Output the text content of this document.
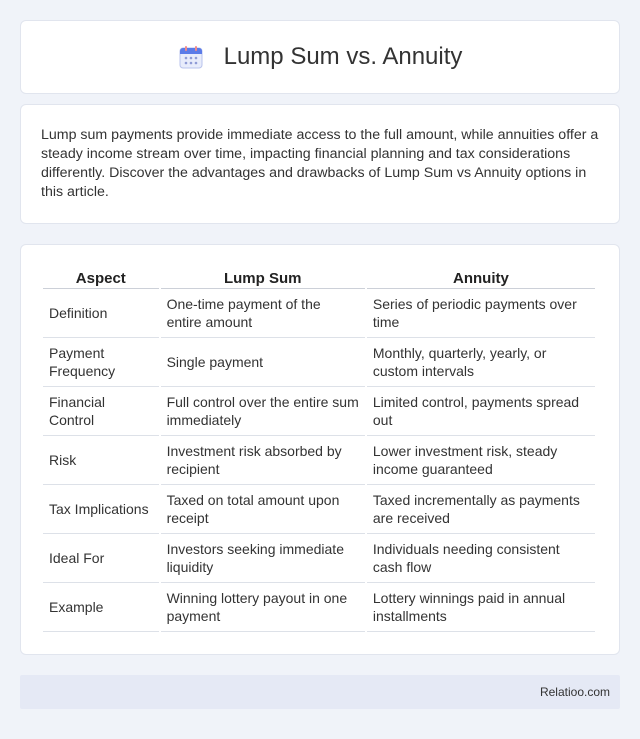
Lump Sum vs. Annuity

Lump sum payments provide immediate access to the full amount, while annuities offer a steady income stream over time, impacting financial planning and tax considerations differently. Discover the advantages and drawbacks of Lump Sum vs Annuity options in this article.

Aspect	Lump Sum	Annuity
Definition	One-time payment of the entire amount	Series of periodic payments over time
Payment Frequency	Single payment	Monthly, quarterly, yearly, or custom intervals
Financial Control	Full control over the entire sum immediately	Limited control, payments spread out
Risk	Investment risk absorbed by recipient	Lower investment risk, steady income guaranteed
Tax Implications	Taxed on total amount upon receipt	Taxed incrementally as payments are received
Ideal For	Investors seeking immediate liquidity	Individuals needing consistent cash flow
Example	Winning lottery payout in one payment	Lottery winnings paid in annual installments
Relatioo.com
